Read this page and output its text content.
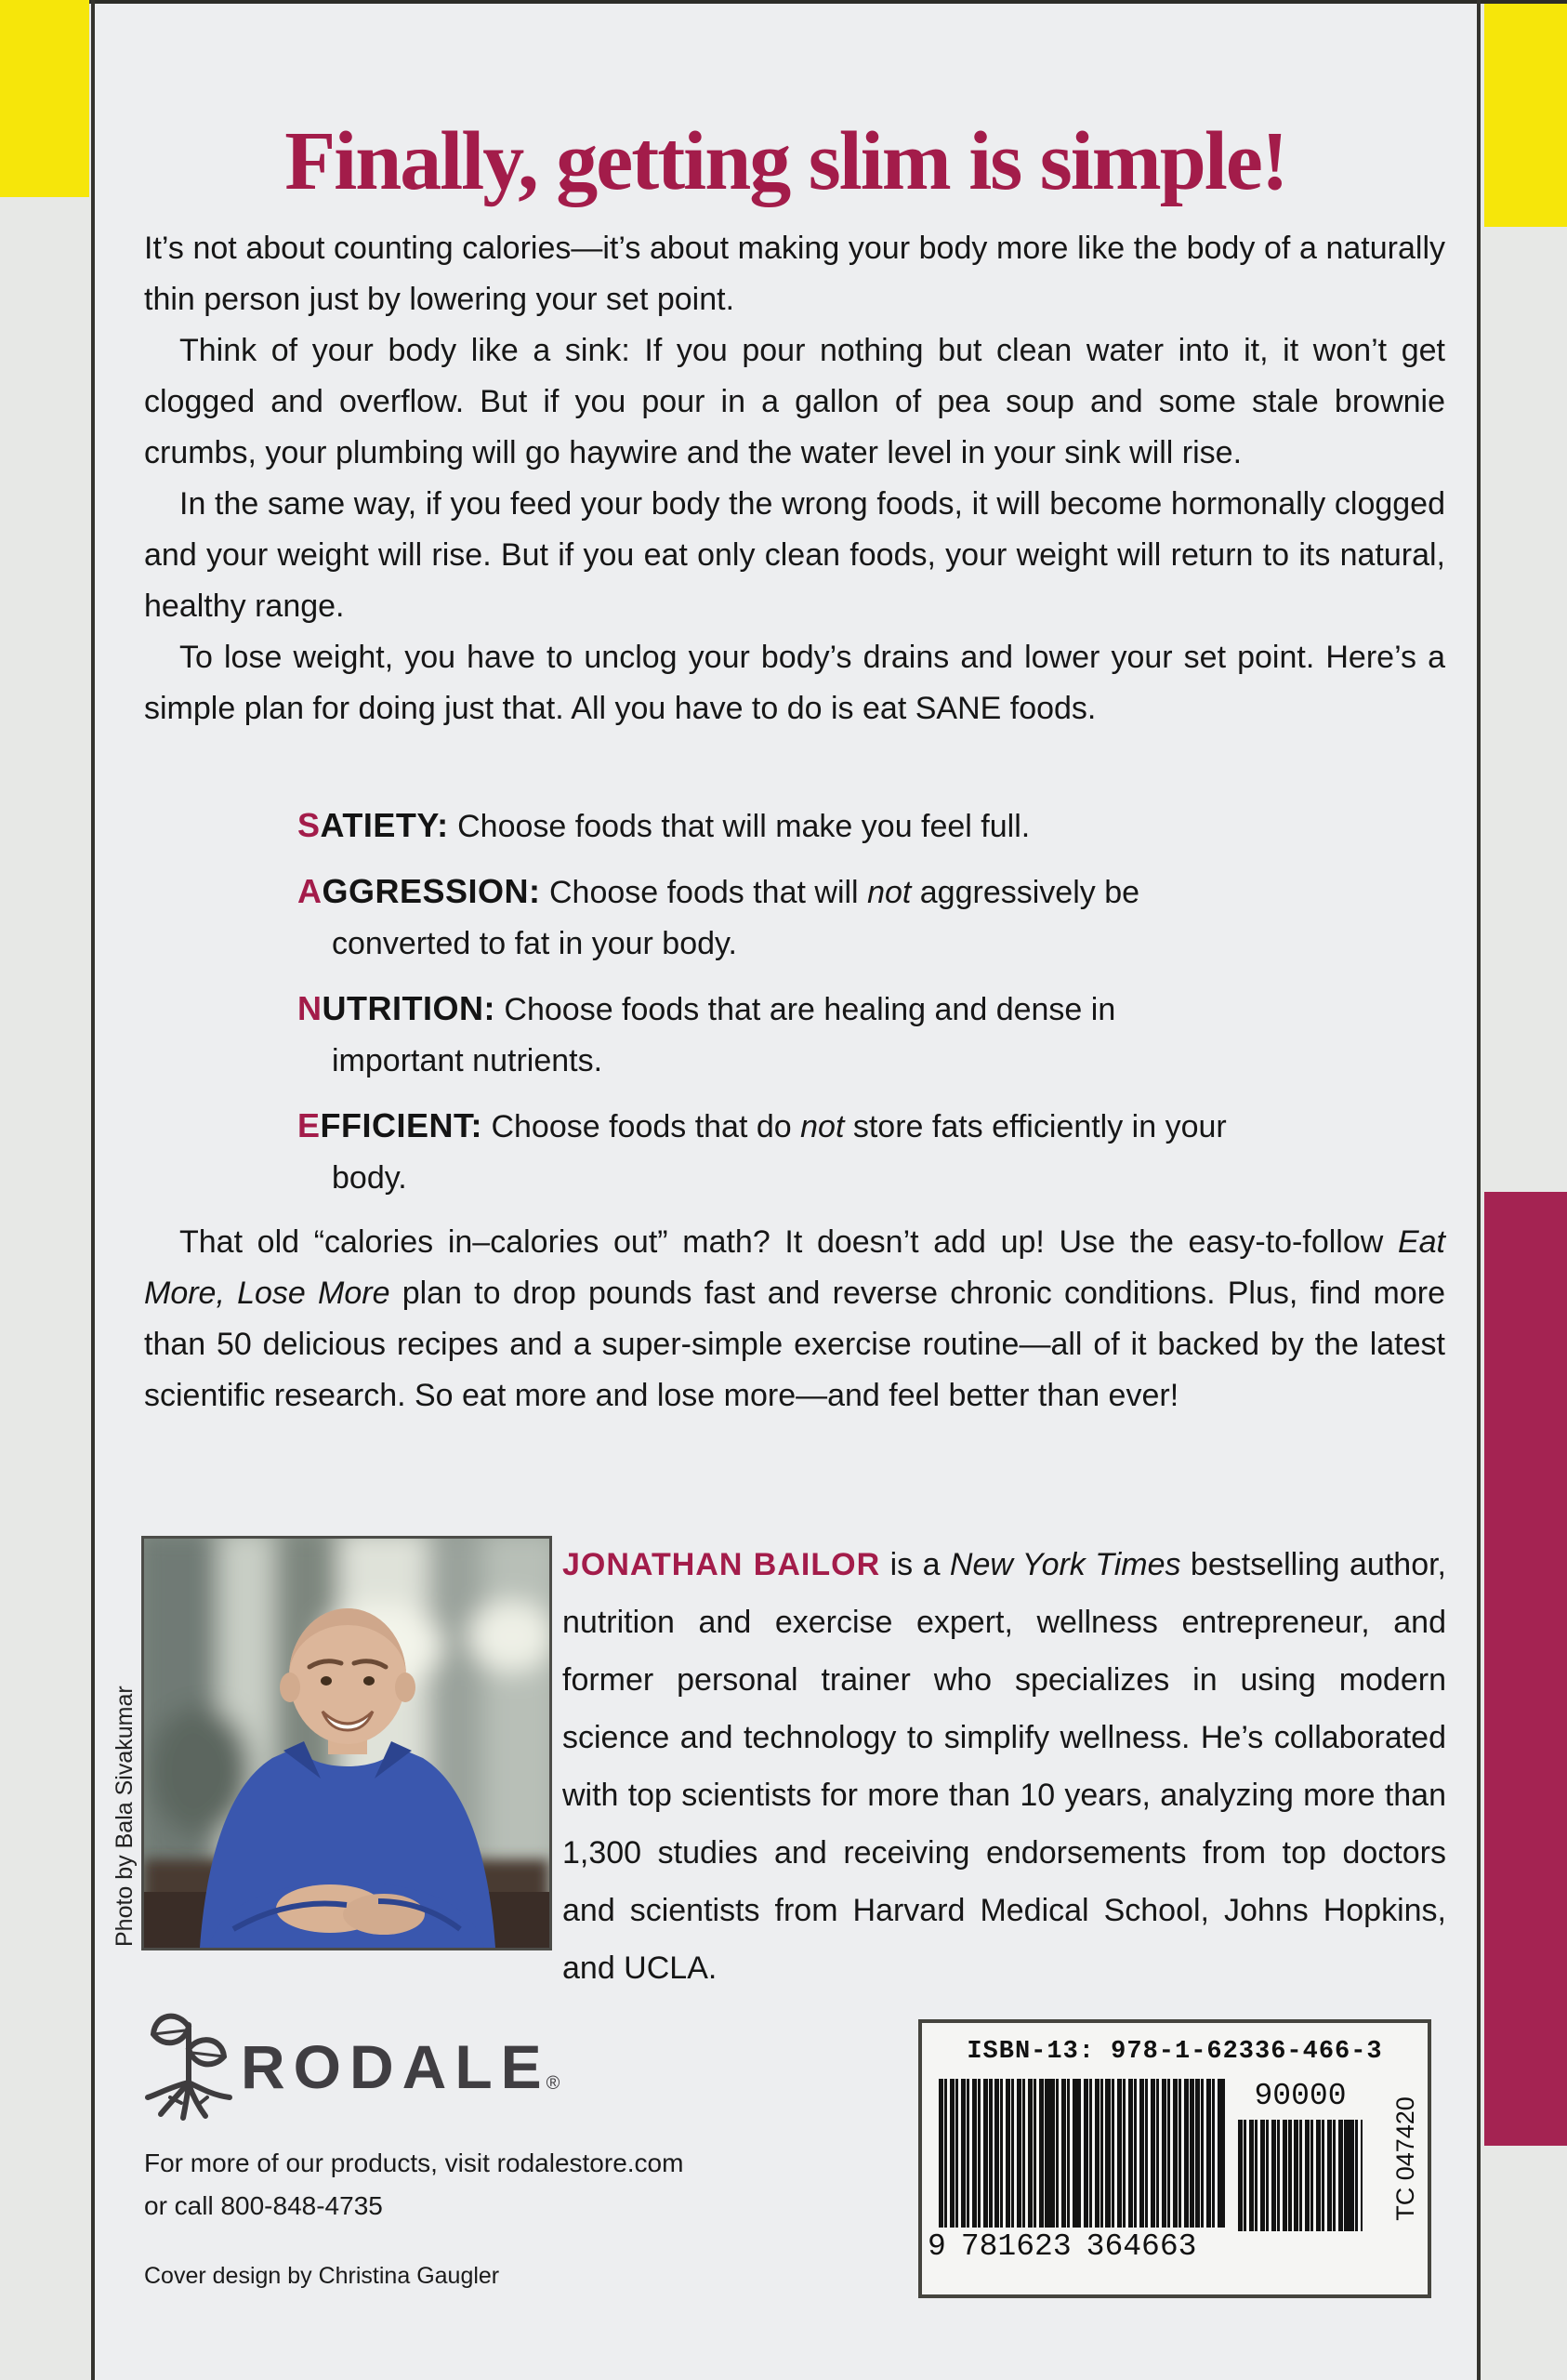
Finally, getting slim is simple!

It’s not about counting calories—it’s about making your body more like the body of a naturally thin person just by lowering your set point.

Think of your body like a sink: If you pour nothing but clean water into it, it won’t get clogged and overflow. But if you pour in a gallon of pea soup and some stale brownie crumbs, your plumbing will go haywire and the water level in your sink will rise.

In the same way, if you feed your body the wrong foods, it will become hormonally clogged and your weight will rise. But if you eat only clean foods, your weight will return to its natural, healthy range.

To lose weight, you have to unclog your body’s drains and lower your set point. Here’s a simple plan for doing just that. All you have to do is eat SANE foods.

SATIETY: Choose foods that will make you feel full.
AGGRESSION: Choose foods that will not aggressively be converted to fat in your body.
NUTRITION: Choose foods that are healing and dense in important nutrients.
EFFICIENT: Choose foods that do not store fats efficiently in your body.

That old “calories in–calories out” math? It doesn’t add up! Use the easy-to-follow Eat More, Lose More plan to drop pounds fast and reverse chronic conditions. Plus, find more than 50 delicious recipes and a super-simple exercise routine—all of it backed by the latest scientific research. So eat more and lose more—and feel better than ever!

Photo by Bala Sivakumar
JONATHAN BAILOR is a New York Times bestselling author, nutrition and exercise expert, wellness entrepreneur, and former personal trainer who specializes in using modern science and technology to simplify wellness. He’s collaborated with top scientists for more than 10 years, analyzing more than 1,300 studies and receiving endorsements from top doctors and scientists from Harvard Medical School, Johns Hopkins, and UCLA.
RODALE
®
For more of our products, visit rodalestore.com
or call 800-848-4735
ISBN-13: 978-1-62336-466-3
9 781623 364663
90000
TC 047420
Cover design by Christina Gaugler
